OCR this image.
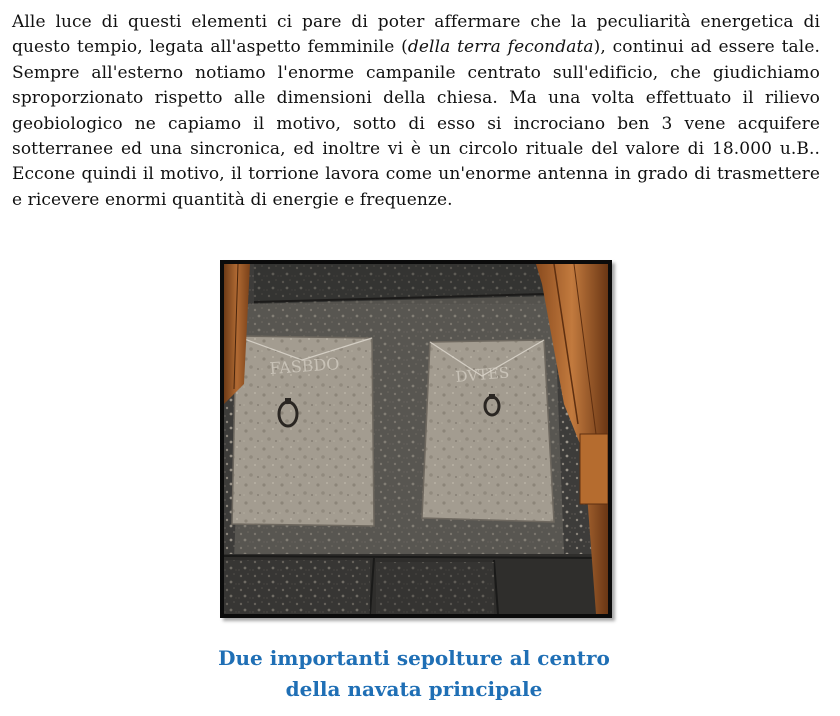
Alle luce di questi elementi ci pare di poter affermare che la peculiarità energetica di questo tempio, legata all'aspetto femminile (della terra fecondata), continui ad essere tale. Sempre all'esterno notiamo l'enorme campanile centrato sull'edificio, che giudichiamo sproporzionato rispetto alle dimensioni della chiesa. Ma una volta effettuato il rilievo geobiologico ne capiamo il motivo, sotto di esso si incrociano ben 3 vene acquifere sotterranee ed una sincronica, ed inoltre vi è un circolo rituale del valore di 18.000 u.B.. Eccone quindi il motivo, il torrione lavora come un'enorme antenna in grado di trasmettere e ricevere enormi quantità di energie e frequenze.

FASBDO	DVTES
Due importanti sepolture al centro
della navata principale
